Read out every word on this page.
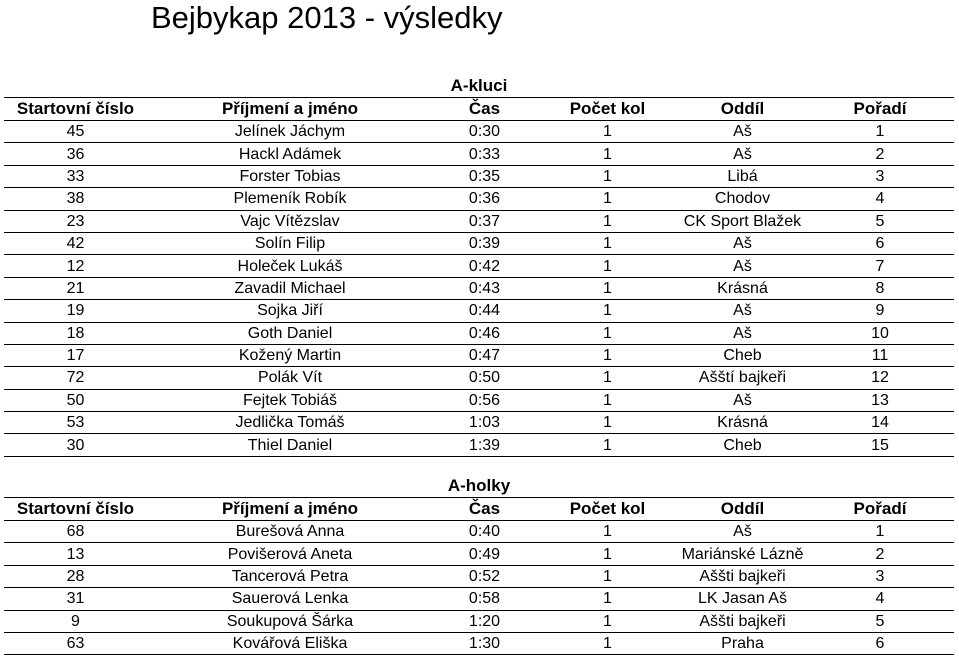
Bejbykap 2013 - výsledky
A-kluci
Startovní číslo	Příjmení a jméno	Čas	Počet kol	Oddíl	Pořadí
45	Jelínek Jáchym	0:30	1	Aš	1
36	Hackl Adámek	0:33	1	Aš	2
33	Forster Tobias	0:35	1	Libá	3
38	Plemeník Robík	0:36	1	Chodov	4
23	Vajc Vítězslav	0:37	1	CK Sport Blažek	5
42	Solín Filip	0:39	1	Aš	6
12	Holeček Lukáš	0:42	1	Aš	7
21	Zavadil Michael	0:43	1	Krásná	8
19	Sojka Jiří	0:44	1	Aš	9
18	Goth Daniel	0:46	1	Aš	10
17	Kožený Martin	0:47	1	Cheb	11
72	Polák Vít	0:50	1	Ašští bajkeři	12
50	Fejtek Tobiáš	0:56	1	Aš	13
53	Jedlička Tomáš	1:03	1	Krásná	14
30	Thiel Daniel	1:39	1	Cheb	15
A-holky
Startovní číslo	Příjmení a jméno	Čas	Počet kol	Oddíl	Pořadí
68	Burešová Anna	0:40	1	Aš	1
13	Povišerová Aneta	0:49	1	Mariánské Lázně	2
28	Tancerová Petra	0:52	1	Aššti bajkeři	3
31	Sauerová Lenka	0:58	1	LK Jasan Aš	4
9	Soukupová Šárka	1:20	1	Aššti bajkeři	5
63	Kovářová Eliška	1:30	1	Praha	6
